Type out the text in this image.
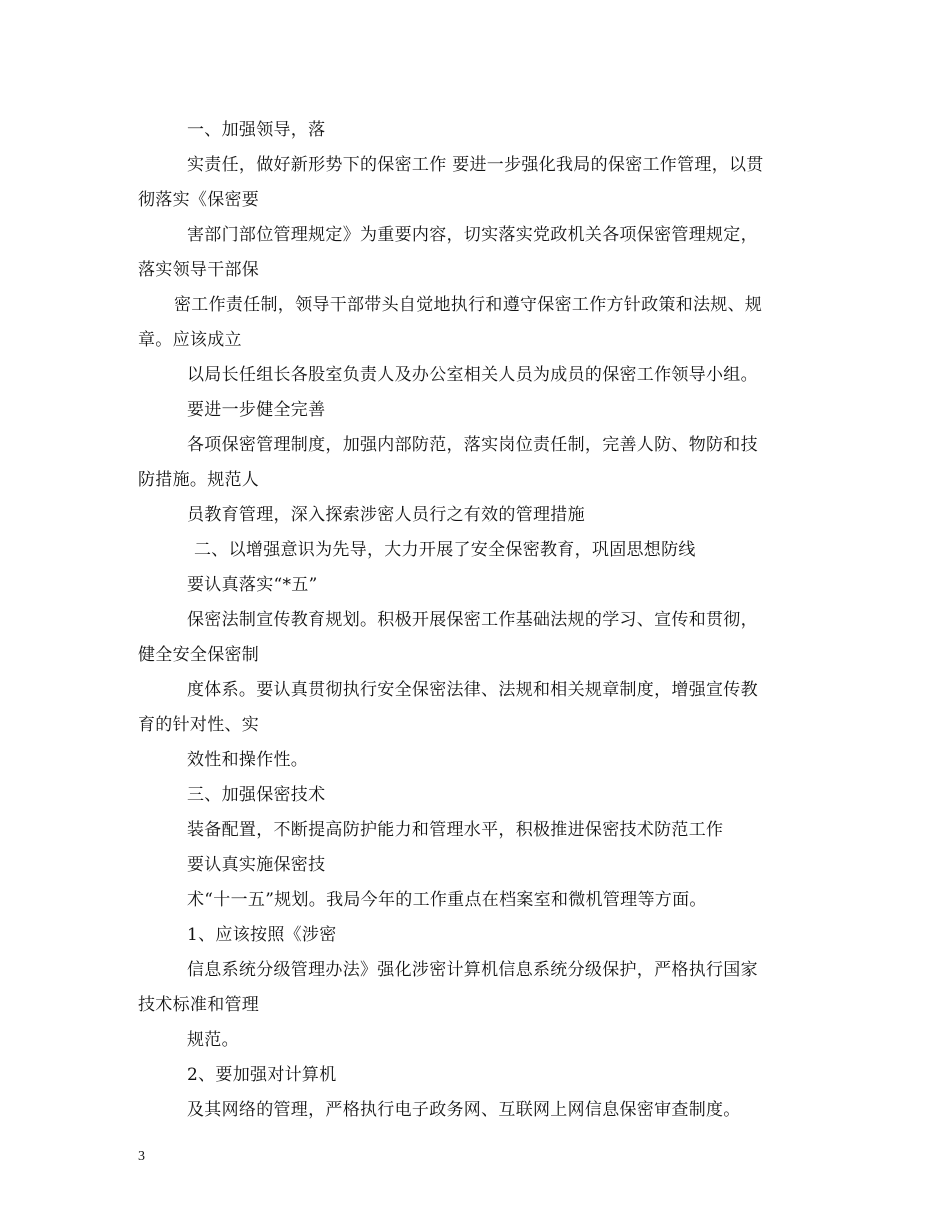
一、加强领导，落
实责任，做好新形势下的保密工作 要进一步强化我局的保密工作管理，以贯
彻落实《保密要
害部门部位管理规定》为重要内容，切实落实党政机关各项保密管理规定，
落实领导干部保
密工作责任制，领导干部带头自觉地执行和遵守保密工作方针政策和法规、规
章。应该成立
以局长任组长各股室负责人及办公室相关人员为成员的保密工作领导小组。
要进一步健全完善
各项保密管理制度，加强内部防范，落实岗位责任制，完善人防、物防和技
防措施。规范人
员教育管理，深入探索涉密人员行之有效的管理措施
二、以增强意识为先导，大力开展了安全保密教育，巩固思想防线
要认真落实“*五”
保密法制宣传教育规划。积极开展保密工作基础法规的学习、宣传和贯彻，
健全安全保密制
度体系。要认真贯彻执行安全保密法律、法规和相关规章制度，增强宣传教
育的针对性、实
效性和操作性。
三、加强保密技术
装备配置，不断提高防护能力和管理水平，积极推进保密技术防范工作
要认真实施保密技
术“十一五”规划。我局今年的工作重点在档案室和微机管理等方面。
1、应该按照《涉密
信息系统分级管理办法》强化涉密计算机信息系统分级保护，严格执行国家
技术标准和管理
规范。
2、要加强对计算机
及其网络的管理，严格执行电子政务网、互联网上网信息保密审查制度。
3
